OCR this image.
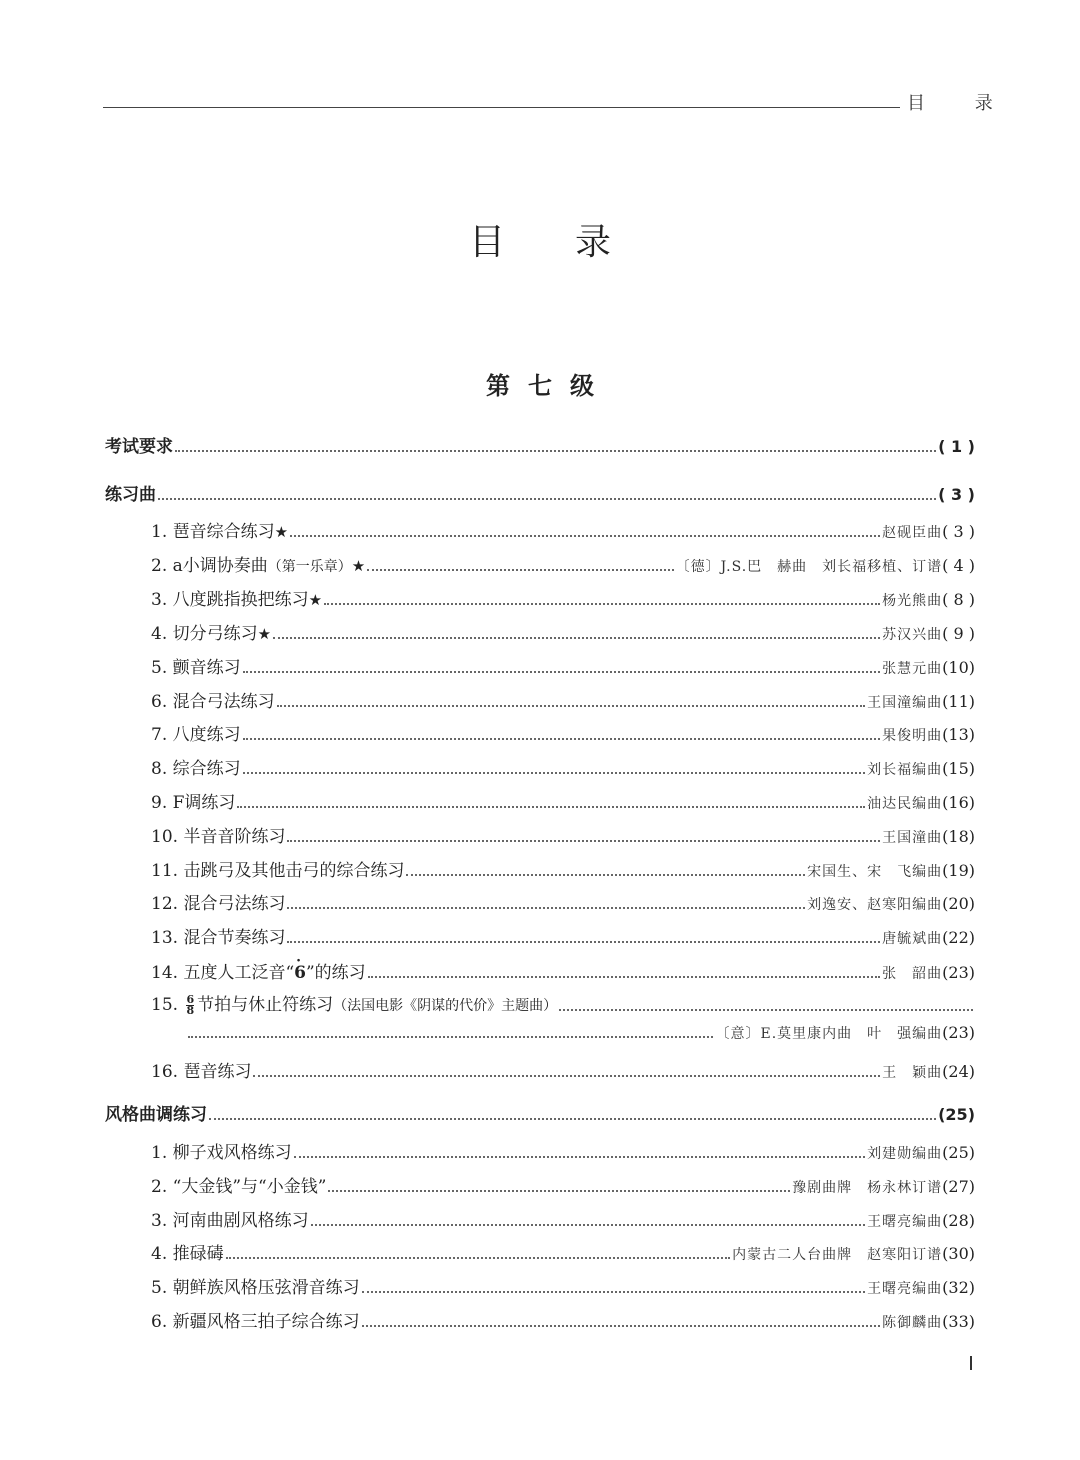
目 录
目录
第七级
考试要求	( 1 )
练习曲	( 3 )
1. 琶音综合练习★	赵砚臣曲 ( 3 )
2. a小调协奏曲（第一乐章）★	〔德〕J.S.巴　赫曲　刘长福移植、订谱 ( 4 )
3. 八度跳指换把练习★	杨光熊曲 ( 8 )
4. 切分弓练习★	苏汉兴曲 ( 9 )
5. 颤音练习	张慧元曲 (10)
6. 混合弓法练习	王国潼编曲 (11)
7. 八度练习	果俊明曲 (13)
8. 综合练习	刘长福编曲 (15)
9. F调练习	油达民编曲 (16)
10. 半音音阶练习	王国潼曲 (18)
11. 击跳弓及其他击弓的综合练习	宋国生、宋　飞编曲 (19)
12. 混合弓法练习	刘逸安、赵寒阳编曲 (20)
13. 混合节奏练习	唐毓斌曲 (22)
14. 五度人工泛音“· 6”的练习	张　韶曲 (23)
15. $\frac{6}{8}$ 节拍与休止符练习（法国电影《阴谋的代价》主题曲）
〔意〕E.莫里康内曲　叶　强编曲 (23)
16. 琶音练习	王　颖曲 (24)
风格曲调练习	(25)
1. 柳子戏风格练习	刘建勋编曲 (25)
2. “大金钱”与“小金钱”	豫剧曲牌　杨永林订谱 (27)
3. 河南曲剧风格练习	王曙亮编曲 (28)
4. 推碌碡	内蒙古二人台曲牌　赵寒阳订谱 (30)
5. 朝鲜族风格压弦滑音练习	王曙亮编曲 (32)
6. 新疆风格三拍子综合练习	陈御麟曲 (33)
